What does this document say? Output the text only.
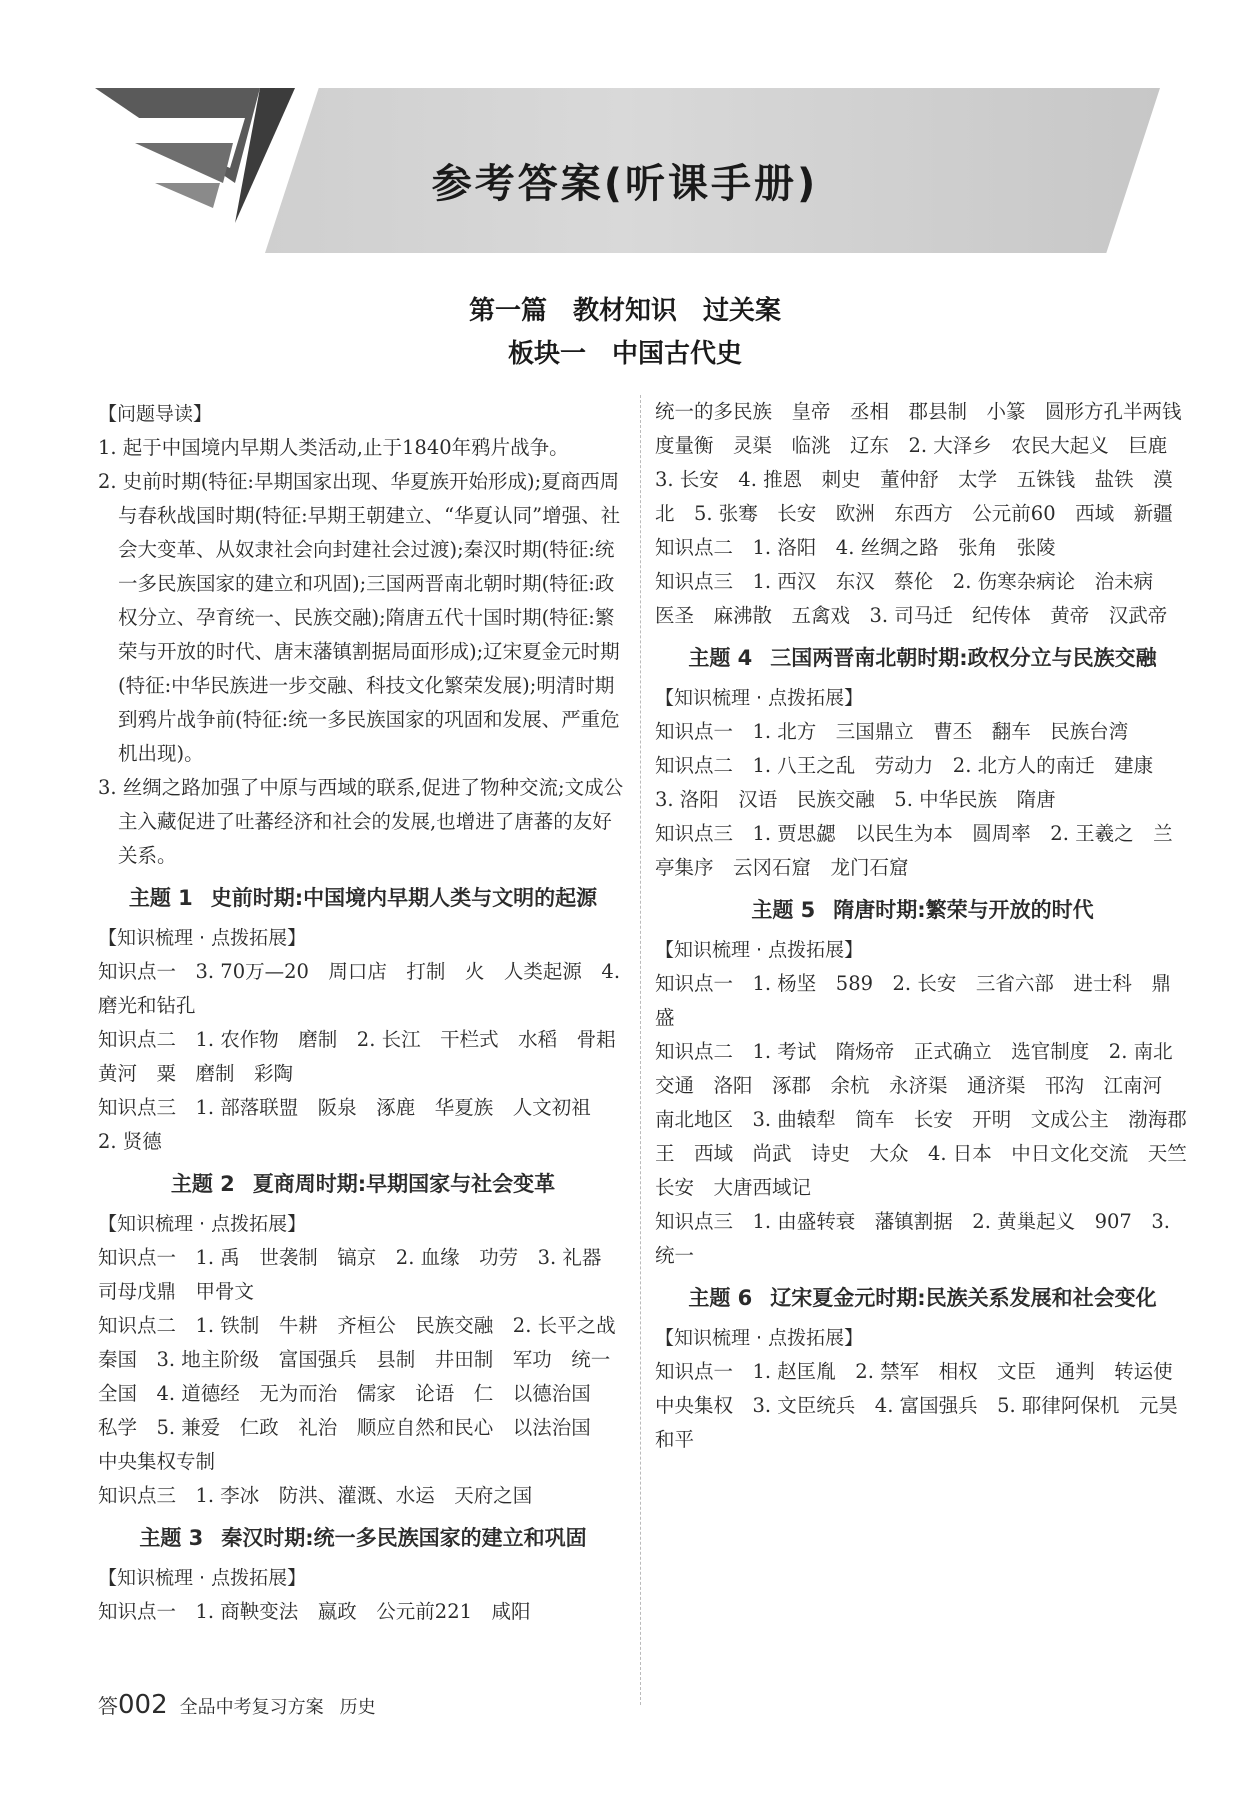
参考答案(听课手册)
第一篇　教材知识　过关案
板块一　中国古代史

【问题导读】

1. 起于中国境内早期人类活动,止于1840年鸦片战争。

2. 史前时期(特征:早期国家出现、华夏族开始形成);夏商西周与春秋战国时期(特征:早期王朝建立、“华夏认同”增强、社会大变革、从奴隶社会向封建社会过渡);秦汉时期(特征:统一多民族国家的建立和巩固);三国两晋南北朝时期(特征:政权分立、孕育统一、民族交融);隋唐五代十国时期(特征:繁荣与开放的时代、唐末藩镇割据局面形成);辽宋夏金元时期(特征:中华民族进一步交融、科技文化繁荣发展);明清时期到鸦片战争前(特征:统一多民族国家的巩固和发展、严重危机出现)。

3. 丝绸之路加强了中原与西域的联系,促进了物种交流;文成公主入藏促进了吐蕃经济和社会的发展,也增进了唐蕃的友好关系。

主题 1 史前时期:中国境内早期人类与文明的起源

【知识梳理 · 点拨拓展】

知识点一　3. 70万—20　周口店　打制　火　人类起源　4. 磨光和钻孔

知识点二　1. 农作物　磨制　2. 长江　干栏式　水稻　骨耜　黄河　粟　磨制　彩陶

知识点三　1. 部落联盟　阪泉　涿鹿　华夏族　人文初祖　2. 贤德

主题 2 夏商周时期:早期国家与社会变革

【知识梳理 · 点拨拓展】

知识点一　1. 禹　世袭制　镐京　2. 血缘　功劳　3. 礼器　司母戊鼎　甲骨文

知识点二　1. 铁制　牛耕　齐桓公　民族交融　2. 长平之战　秦国　3. 地主阶级　富国强兵　县制　井田制　军功　统一全国　4. 道德经　无为而治　儒家　论语　仁　以德治国　私学　5. 兼爱　仁政　礼治　顺应自然和民心　以法治国　中央集权专制

知识点三　1. 李冰　防洪、灌溉、水运　天府之国

主题 3 秦汉时期:统一多民族国家的建立和巩固

【知识梳理 · 点拨拓展】

知识点一　1. 商鞅变法　嬴政　公元前221　咸阳

统一的多民族　皇帝　丞相　郡县制　小篆　圆形方孔半两钱　度量衡　灵渠　临洮　辽东　2. 大泽乡　农民大起义　巨鹿　3. 长安　4. 推恩　刺史　董仲舒　太学　五铢钱　盐铁　漠北　5. 张骞　长安　欧洲　东西方　公元前60　西域　新疆

知识点二　1. 洛阳　4. 丝绸之路　张角　张陵

知识点三　1. 西汉　东汉　蔡伦　2. 伤寒杂病论　治未病　医圣　麻沸散　五禽戏　3. 司马迁　纪传体　黄帝　汉武帝

主题 4 三国两晋南北朝时期:政权分立与民族交融

【知识梳理 · 点拨拓展】

知识点一　1. 北方　三国鼎立　曹丕　翻车　民族台湾

知识点二　1. 八王之乱　劳动力　2. 北方人的南迁　建康　3. 洛阳　汉语　民族交融　5. 中华民族　隋唐

知识点三　1. 贾思勰　以民生为本　圆周率　2. 王羲之　兰亭集序　云冈石窟　龙门石窟

主题 5 隋唐时期:繁荣与开放的时代

【知识梳理 · 点拨拓展】

知识点一　1. 杨坚　589　2. 长安　三省六部　进士科　鼎盛

知识点二　1. 考试　隋炀帝　正式确立　选官制度　2. 南北交通　洛阳　涿郡　余杭　永济渠　通济渠　邗沟　江南河　南北地区　3. 曲辕犁　筒车　长安　开明　文成公主　渤海郡王　西域　尚武　诗史　大众　4. 日本　中日文化交流　天竺　长安　大唐西域记

知识点三　1. 由盛转衰　藩镇割据　2. 黄巢起义　907　3. 统一

主题 6 辽宋夏金元时期:民族关系发展和社会变化

【知识梳理 · 点拨拓展】

知识点一　1. 赵匡胤　2. 禁军　相权　文臣　通判　转运使　中央集权　3. 文臣统兵　4. 富国强兵　5. 耶律阿保机　元昊　和平

答002 全品中考复习方案 历史
